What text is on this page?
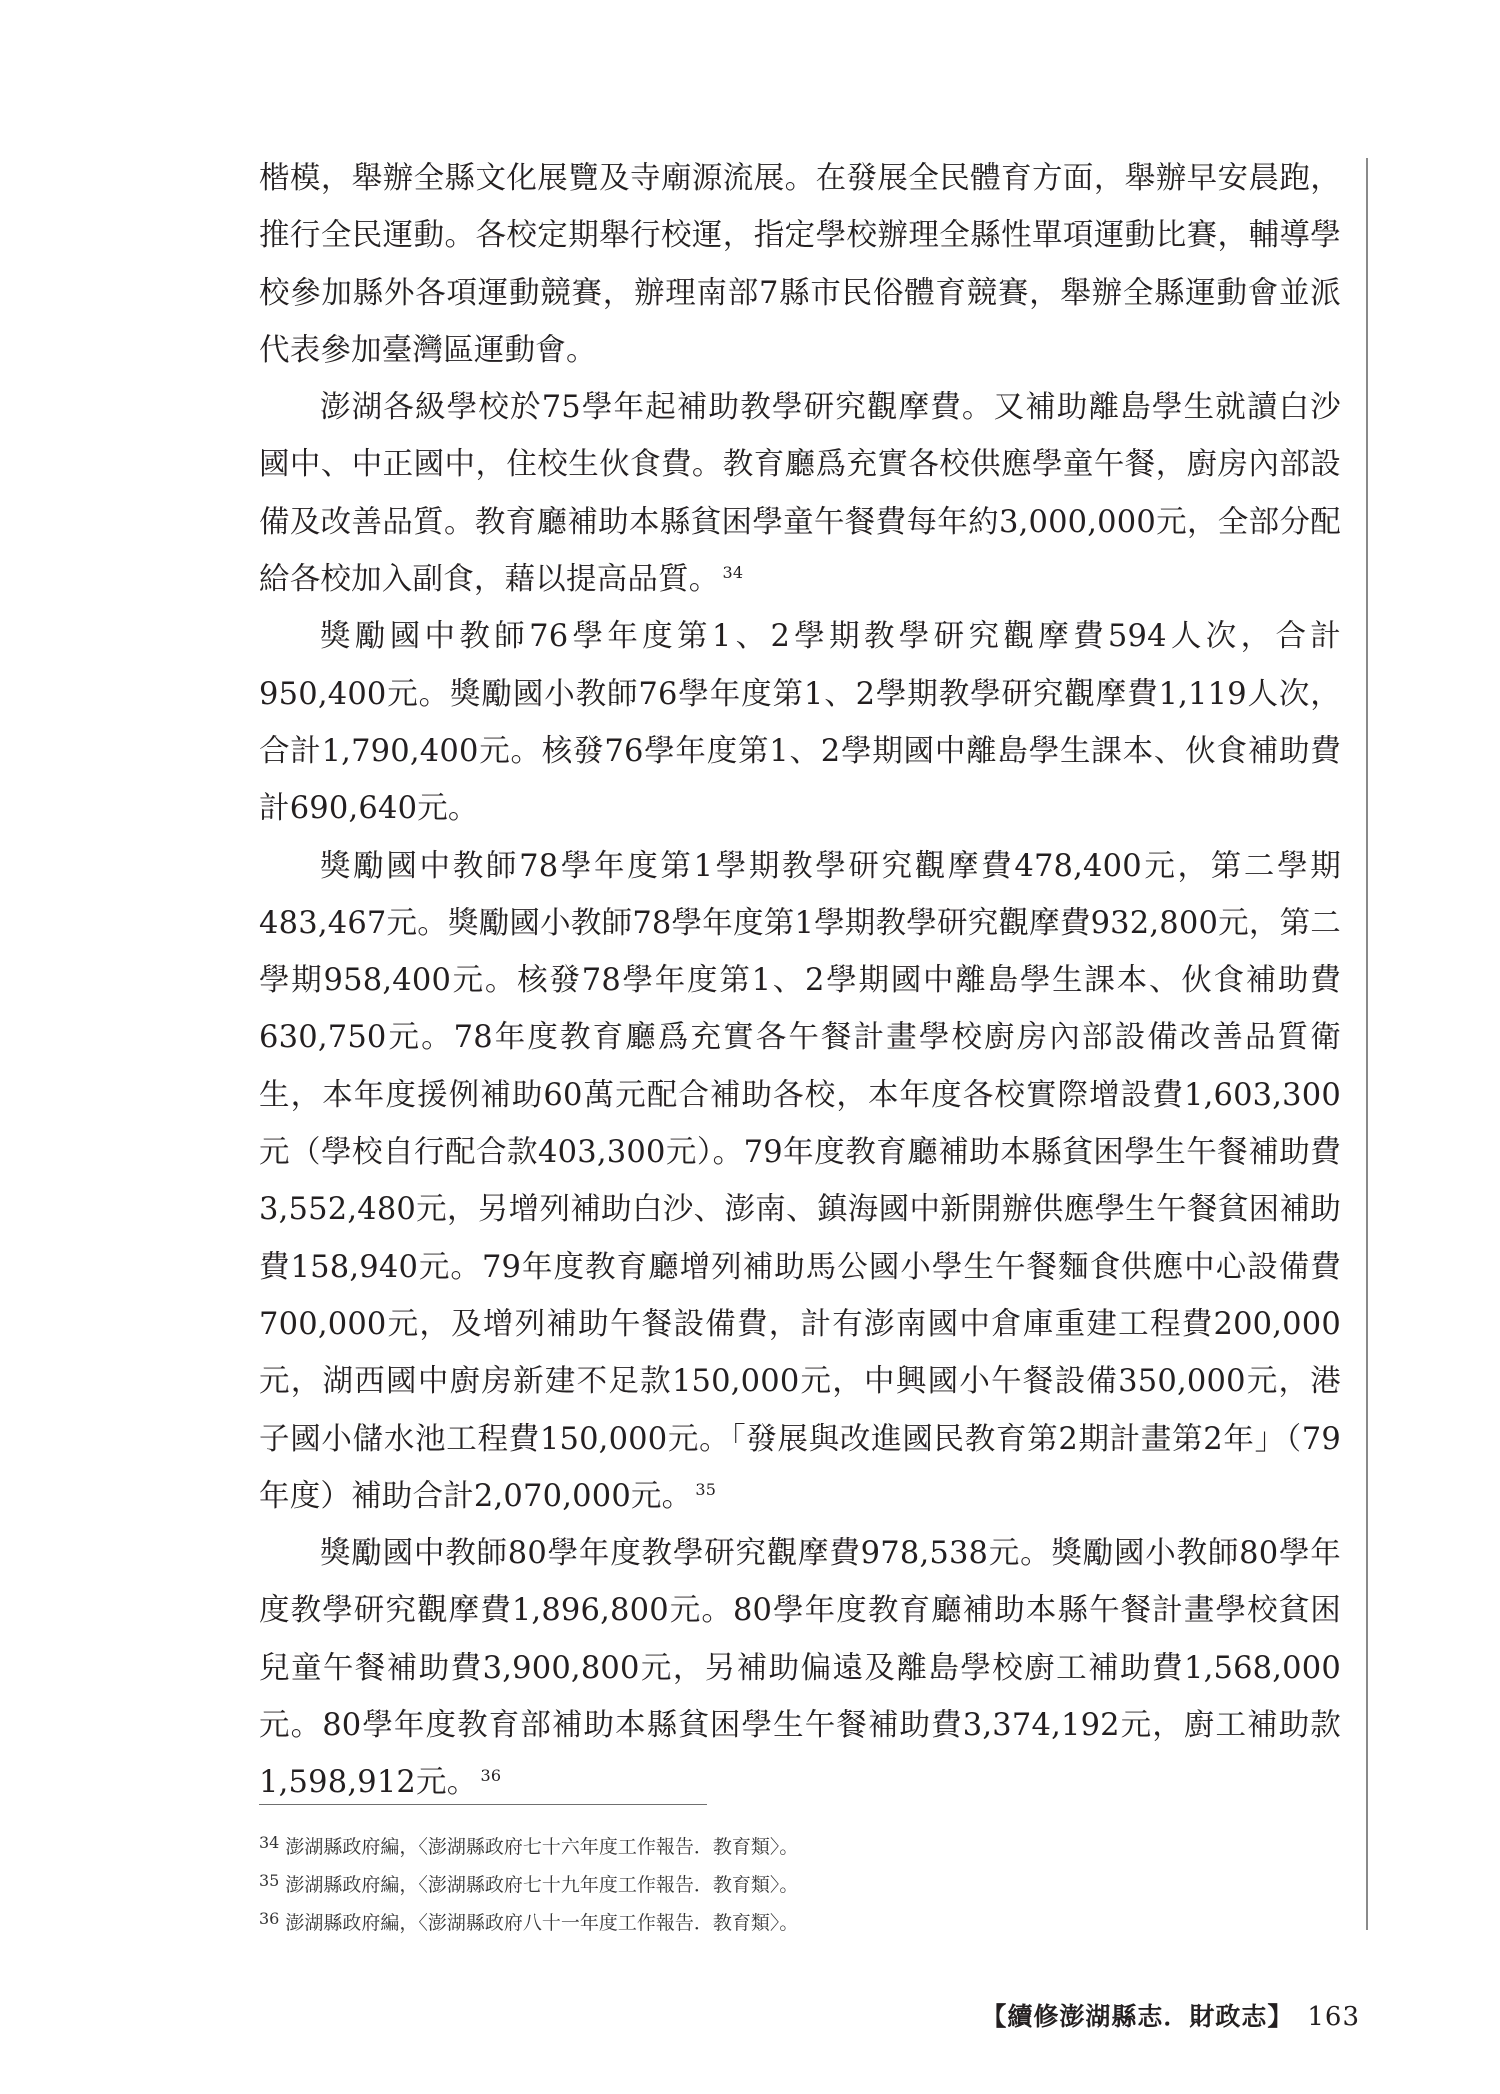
楷模，舉辦全縣文化展覽及寺廟源流展。在發展全民體育方面，舉辦早安晨跑，推行全民運動。各校定期舉行校運，指定學校辦理全縣性單項運動比賽，輔導學校參加縣外各項運動競賽，辦理南部7縣市民俗體育競賽，舉辦全縣運動會並派代表參加臺灣區運動會。

澎湖各級學校於75學年起補助教學研究觀摩費。又補助離島學生就讀白沙國中、中正國中，住校生伙食費。教育廳爲充實各校供應學童午餐，廚房內部設備及改善品質。教育廳補助本縣貧困學童午餐費每年約3,000,000元，全部分配給各校加入副食，藉以提高品質。 $^{34}$

獎勵國中教師76學年度第1、2學期教學研究觀摩費594人次，合計950,400元。獎勵國小教師76學年度第1、2學期教學研究觀摩費1,119人次，合計1,790,400元。核發76學年度第1、2學期國中離島學生課本、伙食補助費計690,640元。

獎勵國中教師78學年度第1學期教學研究觀摩費478,400元，第二學期483,467元。獎勵國小教師78學年度第1學期教學研究觀摩費932,800元，第二學期958,400元。核發78學年度第1、2學期國中離島學生課本、伙食補助費630,750元。78年度教育廳爲充實各午餐計畫學校廚房內部設備改善品質衛生，本年度援例補助60萬元配合補助各校，本年度各校實際增設費1,603,300元（學校自行配合款403,300元）。79年度教育廳補助本縣貧困學生午餐補助費3,552,480元，另增列補助白沙、澎南、鎮海國中新開辦供應學生午餐貧困補助費158,940元。79年度教育廳增列補助馬公國小學生午餐麵食供應中心設備費700,000元，及增列補助午餐設備費，計有澎南國中倉庫重建工程費200,000元，湖西國中廚房新建不足款150,000元，中興國小午餐設備350,000元，港子國小儲水池工程費150,000元。「發展與改進國民教育第2期計畫第2年」（79年度）補助合計2,070,000元。 $^{35}$

獎勵國中教師80學年度教學研究觀摩費978,538元。獎勵國小教師80學年度教學研究觀摩費1,896,800元。80學年度教育廳補助本縣午餐計畫學校貧困兒童午餐補助費3,900,800元，另補助偏遠及離島學校廚工補助費1,568,000元。80學年度教育部補助本縣貧困學生午餐補助費3,374,192元，廚工補助款1,598,912元。 $^{36}$

$^{34}$ 澎湖縣政府編，〈澎湖縣政府七十六年度工作報告．教育類〉。
$^{35}$ 澎湖縣政府編，〈澎湖縣政府七十九年度工作報告．教育類〉。
$^{36}$ 澎湖縣政府編，〈澎湖縣政府八十一年度工作報告．教育類〉。
【續修澎湖縣志．財政志】 163
